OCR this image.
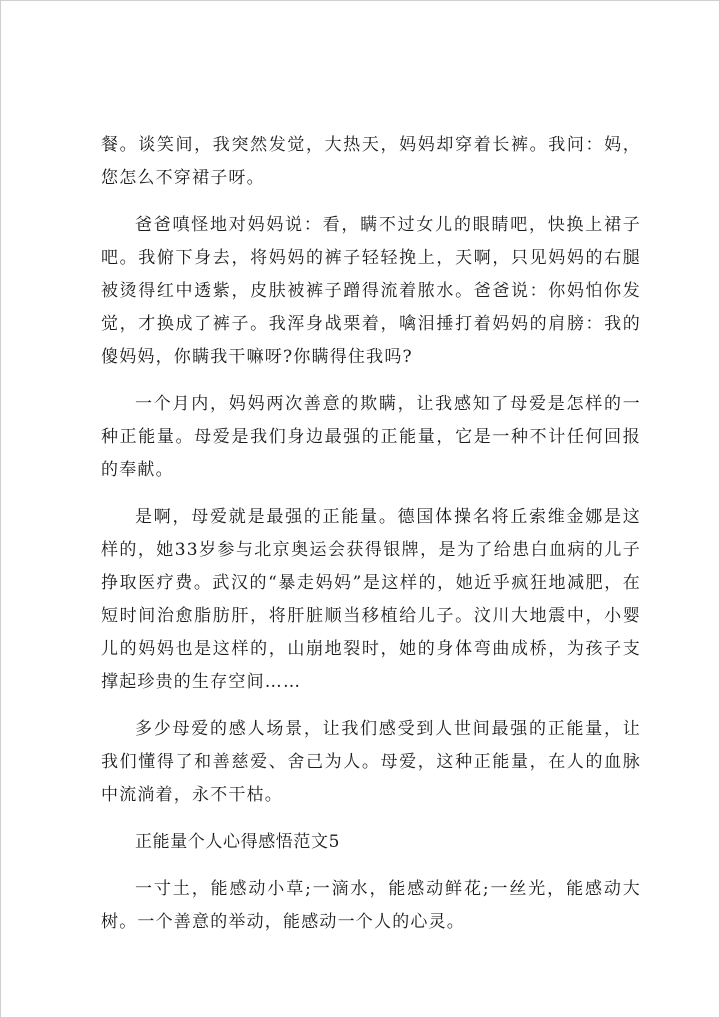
餐。谈笑间，我突然发觉，大热天，妈妈却穿着长裤。我问：妈，您怎么不穿裙子呀。

爸爸嗔怪地对妈妈说：看，瞒不过女儿的眼睛吧，快换上裙子吧。我俯下身去，将妈妈的裤子轻轻挽上，天啊，只见妈妈的右腿被烫得红中透紫，皮肤被裤子蹭得流着脓水。爸爸说：你妈怕你发觉，才换成了裤子。我浑身战栗着，噙泪捶打着妈妈的肩膀：我的傻妈妈，你瞒我干嘛呀?你瞒得住我吗?

一个月内，妈妈两次善意的欺瞒，让我感知了母爱是怎样的一种正能量。母爱是我们身边最强的正能量，它是一种不计任何回报的奉献。

是啊，母爱就是最强的正能量。德国体操名将丘索维金娜是这样的，她33岁参与北京奥运会获得银牌，是为了给患白血病的儿子挣取医疗费。武汉的“暴走妈妈”是这样的，她近乎疯狂地减肥，在短时间治愈脂肪肝，将肝脏顺当移植给儿子。汶川大地震中，小婴儿的妈妈也是这样的，山崩地裂时，她的身体弯曲成桥，为孩子支撑起珍贵的生存空间……

多少母爱的感人场景，让我们感受到人世间最强的正能量，让我们懂得了和善慈爱、舍己为人。母爱，这种正能量，在人的血脉中流淌着，永不干枯。

正能量个人心得感悟范文5

一寸土，能感动小草;一滴水，能感动鲜花;一丝光，能感动大树。一个善意的举动，能感动一个人的心灵。
